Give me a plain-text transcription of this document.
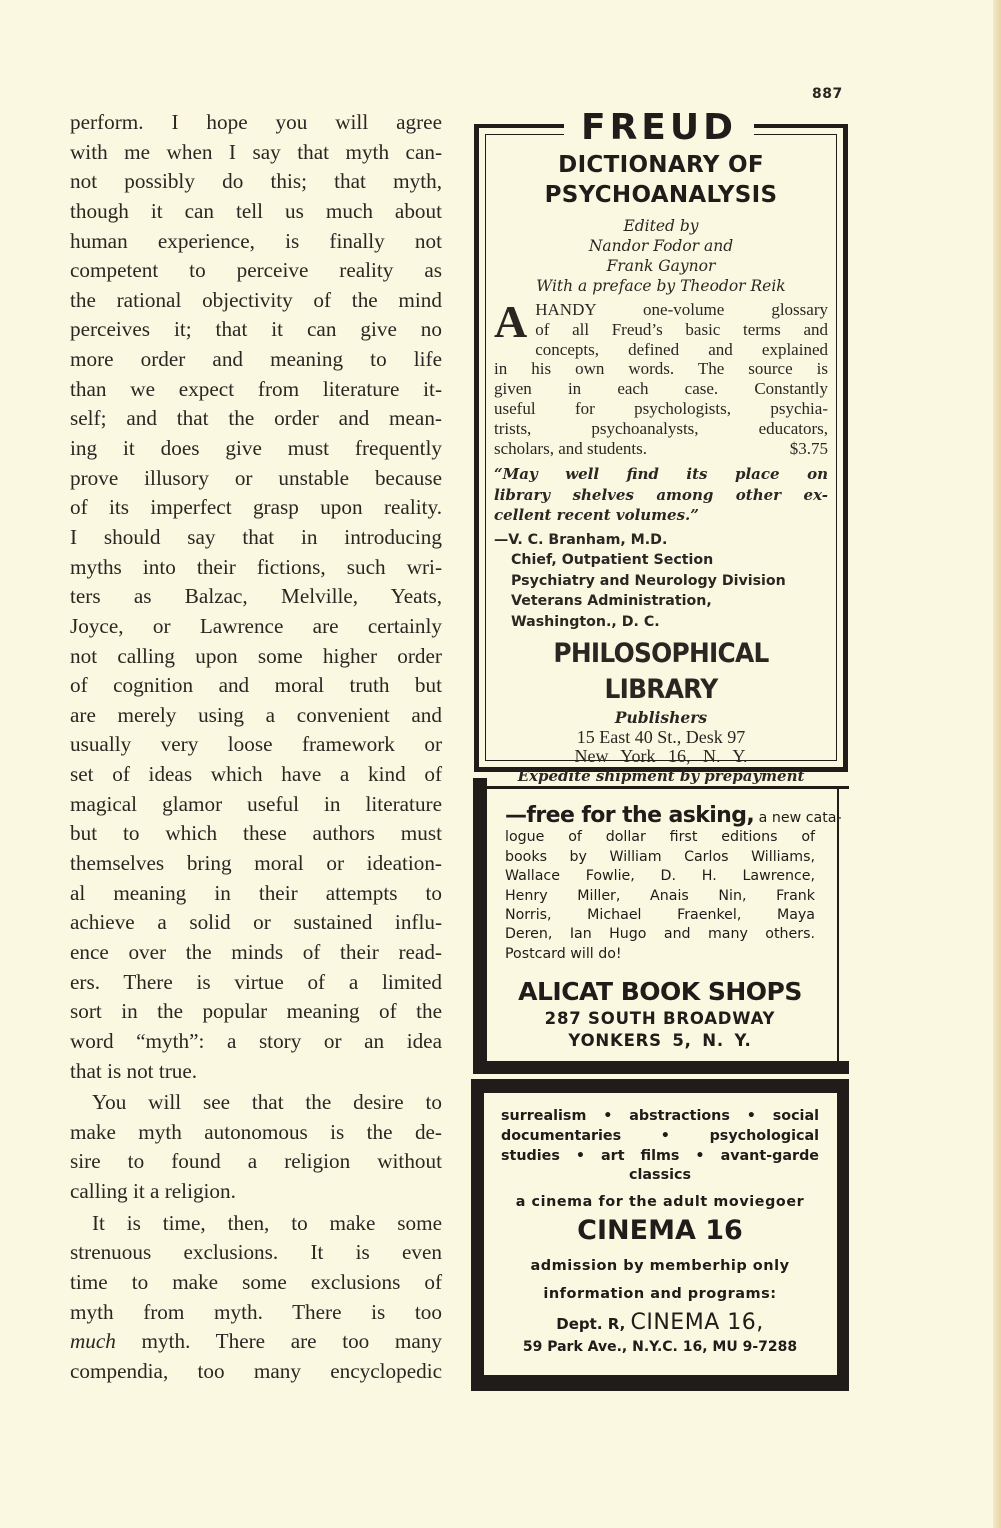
887
perform. I hope you will agree
with me when I say that myth can-
not possibly do this; that myth,
though it can tell us much about
human experience, is finally not
competent to perceive reality as
the rational objectivity of the mind
perceives it; that it can give no
more order and meaning to life
than we expect from literature it-
self; and that the order and mean-
ing it does give must frequently
prove illusory or unstable because
of its imperfect grasp upon reality.
I should say that in introducing
myths into their fictions, such wri-
ters as Balzac, Melville, Yeats,
Joyce, or Lawrence are certainly
not calling upon some higher order
of cognition and moral truth but
are merely using a convenient and
usually very loose framework or
set of ideas which have a kind of
magical glamor useful in literature
but to which these authors must
themselves bring moral or ideation-
al meaning in their attempts to
achieve a solid or sustained influ-
ence over the minds of their read-
ers. There is virtue of a limited
sort in the popular meaning of the
word “myth”: a story or an idea
that is not true.
You will see that the desire to
make myth autonomous is the de-
sire to found a religion without
calling it a religion.
It is time, then, to make some
strenuous exclusions. It is even
time to make some exclusions of
myth from myth. There is too
much myth. There are too many
compendia, too many encyclopedic
FREUD
DICTIONARY OF
PSYCHOANALYSIS
Edited by
Nandor Fodor and
Frank Gaynor
With a preface by Theodor Reik
A HANDY one-volume glossary
of all Freud’s basic terms and
concepts, defined and explained
in his own words. The source is
given in each case. Constantly
useful for psychologists, psychia-
trists, psychoanalysts, educators,
scholars, and students.	$3.75
“May well find its place on
library shelves among other ex-
cellent recent volumes.”
—V. C. Branham, M.D.
Chief, Outpatient Section
Psychiatry and Neurology Division
Veterans Administration,
Washington., D. C.
PHILOSOPHICAL LIBRARY
Publishers
15 East 40 St., Desk 97
New York 16, N. Y.
Expedite shipment by prepayment
—free for the asking, a new cata-
logue of dollar first editions of
books by William Carlos Williams,
Wallace Fowlie, D. H. Lawrence,
Henry Miller, Anais Nin, Frank
Norris, Michael Fraenkel, Maya
Deren, Ian Hugo and many others.
Postcard will do!
ALICAT BOOK SHOPS
287 SOUTH BROADWAY
YONKERS 5, N. Y.
surrealism • abstractions • social
documentaries • psychological
studies • art films • avant-garde
classics
a cinema for the adult moviegoer
CINEMA 16
admission by memberhip only
information and programs:
Dept. R, CINEMA 16,
59 Park Ave., N.Y.C. 16, MU 9-7288
